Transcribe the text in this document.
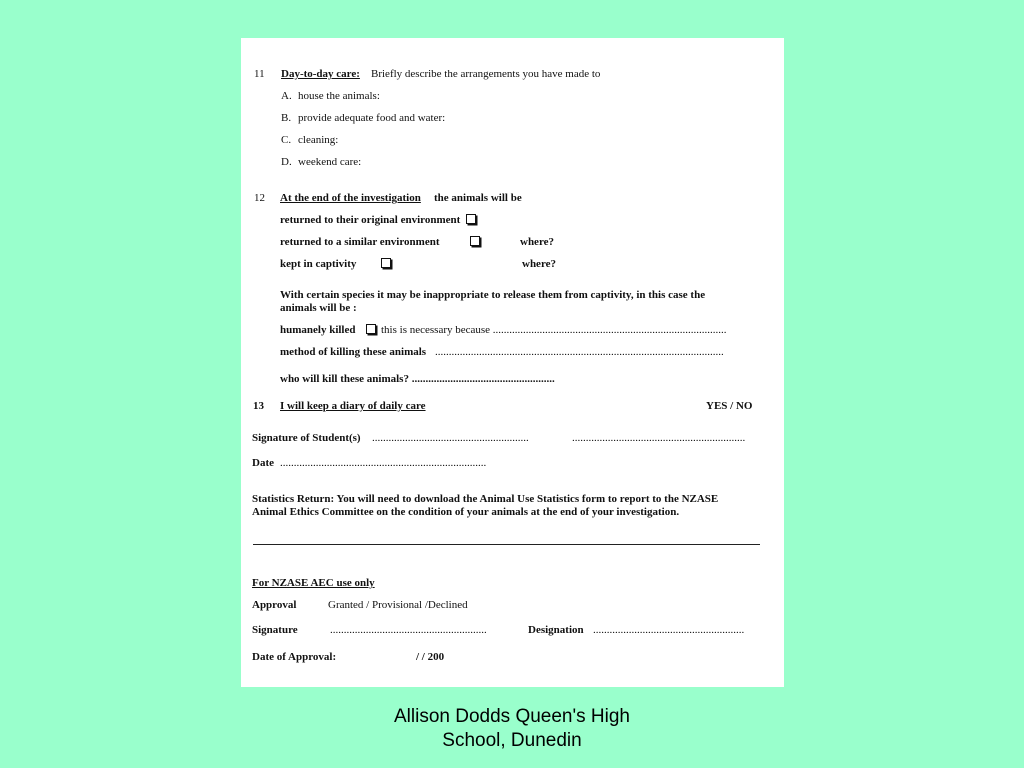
11 Day-to-day care: Briefly describe the arrangements you have made to
A. house the animals:
B. provide adequate food and water:
C. cleaning:
D. weekend care:
12 At the end of the investigation the animals will be
returned to their original environment
returned to a similar environment	where?
kept in captivity	where?
With certain species it may be inappropriate to release them from captivity, in this case the
animals will be :
humanely killed this is necessary because .....................................................................................
method of killing these animals .........................................................................................................
who will kill these animals? ....................................................
13 I will keep a diary of daily care	YES / NO
Signature of Student(s) .........................................................	...............................................................
Date ...........................................................................
Statistics Return: You will need to download the Animal Use Statistics form to report to the NZASE
Animal Ethics Committee on the condition of your animals at the end of your investigation.
For NZASE AEC use only
Approval	Granted / Provisional /Declined
Signature	.........................................................	Designation .......................................................
Date of Approval:	/ / 200
Allison Dodds Queen's High
School, Dunedin
